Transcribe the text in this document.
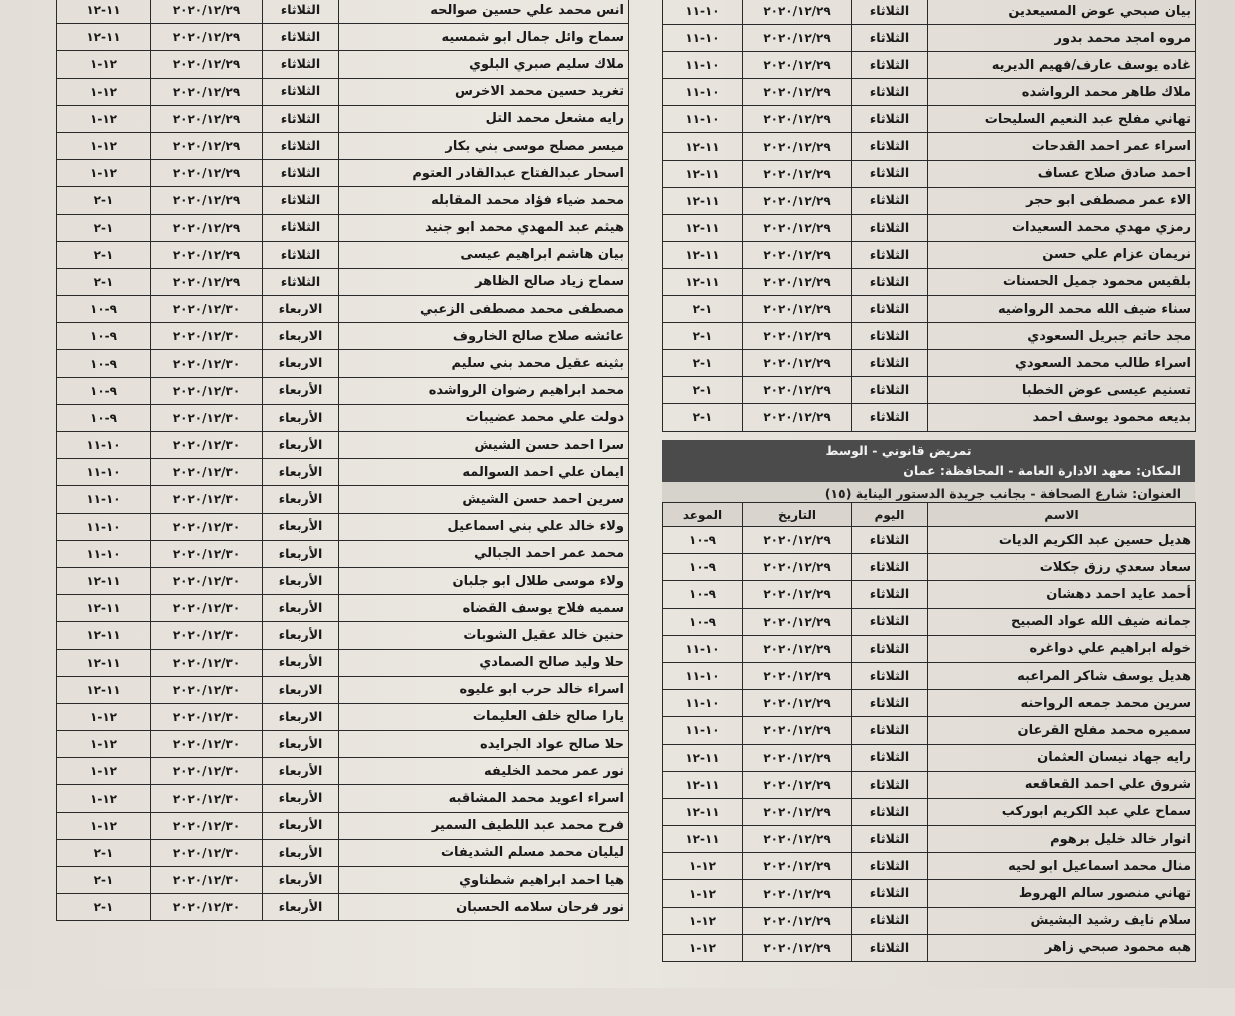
انس محمد علي حسين صوالحه	الثلاثاء	٢٠٢٠/١٢/٢٩	١١-١٢
سماح وائل جمال ابو شمسيه	الثلاثاء	٢٠٢٠/١٢/٢٩	١١-١٢
ملاك سليم صبري البلوي	الثلاثاء	٢٠٢٠/١٢/٢٩	١٢-١
تغريد حسين محمد الاخرس	الثلاثاء	٢٠٢٠/١٢/٢٩	١٢-١
رايه مشعل محمد التل	الثلاثاء	٢٠٢٠/١٢/٢٩	١٢-١
ميسر مصلح موسى بني بكار	الثلاثاء	٢٠٢٠/١٢/٢٩	١٢-١
اسحار عبدالفتاح عبدالقادر العتوم	الثلاثاء	٢٠٢٠/١٢/٢٩	١٢-١
محمد ضياء فؤاد محمد المقابله	الثلاثاء	٢٠٢٠/١٢/٢٩	١-٢
هيثم عبد المهدي محمد ابو جنيد	الثلاثاء	٢٠٢٠/١٢/٢٩	١-٢
بيان هاشم ابراهيم عيسى	الثلاثاء	٢٠٢٠/١٢/٢٩	١-٢
سماح زياد صالح الظاهر	الثلاثاء	٢٠٢٠/١٢/٢٩	١-٢
مصطفى محمد مصطفى الزعبي	الاربعاء	٢٠٢٠/١٢/٣٠	٩-١٠
عائشه صلاح صالح الخاروف	الاربعاء	٢٠٢٠/١٢/٣٠	٩-١٠
بثينه عقيل محمد بني سليم	الاربعاء	٢٠٢٠/١٢/٣٠	٩-١٠
محمد ابراهيم رضوان الرواشده	الأربعاء	٢٠٢٠/١٢/٣٠	٩-١٠
دولت علي محمد عضيبات	الأربعاء	٢٠٢٠/١٢/٣٠	٩-١٠
سرا احمد حسن الشيش	الأربعاء	٢٠٢٠/١٢/٣٠	١٠-١١
ايمان علي احمد السوالمه	الأربعاء	٢٠٢٠/١٢/٣٠	١٠-١١
سرين احمد حسن الشيش	الأربعاء	٢٠٢٠/١٢/٣٠	١٠-١١
ولاء خالد علي بني اسماعيل	الأربعاء	٢٠٢٠/١٢/٣٠	١٠-١١
محمد عمر احمد الجبالي	الأربعاء	٢٠٢٠/١٢/٣٠	١٠-١١
ولاء موسى طلال ابو جلبان	الأربعاء	٢٠٢٠/١٢/٣٠	١١-١٢
سميه فلاح يوسف القضاه	الأربعاء	٢٠٢٠/١٢/٣٠	١١-١٢
حنين خالد عقيل الشوبات	الأربعاء	٢٠٢٠/١٢/٣٠	١١-١٢
حلا وليد صالح الصمادي	الأربعاء	٢٠٢٠/١٢/٣٠	١١-١٢
اسراء خالد حرب ابو عليوه	الاربعاء	٢٠٢٠/١٢/٣٠	١١-١٢
يارا صالح خلف العليمات	الاربعاء	٢٠٢٠/١٢/٣٠	١٢-١
حلا صالح عواد الجرايده	الأربعاء	٢٠٢٠/١٢/٣٠	١٢-١
نور عمر محمد الخليفه	الأربعاء	٢٠٢٠/١٢/٣٠	١٢-١
اسراء اعويد محمد المشاقبه	الأربعاء	٢٠٢٠/١٢/٣٠	١٢-١
فرح محمد عبد اللطيف السمير	الأربعاء	٢٠٢٠/١٢/٣٠	١٢-١
ليليان محمد مسلم الشديفات	الأربعاء	٢٠٢٠/١٢/٣٠	١-٢
هيا احمد ابراهيم شطناوي	الأربعاء	٢٠٢٠/١٢/٣٠	١-٢
نور فرحان سلامه الحسبان	الأربعاء	٢٠٢٠/١٢/٣٠	١-٢
بيان صبحي عوض المسيعدين	الثلاثاء	٢٠٢٠/١٢/٢٩	١٠-١١
مروه امجد محمد بدور	الثلاثاء	٢٠٢٠/١٢/٢٩	١٠-١١
غاده يوسف عارف/فهيم الديريه	الثلاثاء	٢٠٢٠/١٢/٢٩	١٠-١١
ملاك طاهر محمد الرواشده	الثلاثاء	٢٠٢٠/١٢/٢٩	١٠-١١
تهاني مفلح عبد النعيم السليحات	الثلاثاء	٢٠٢٠/١٢/٢٩	١٠-١١
اسراء عمر احمد القدحات	الثلاثاء	٢٠٢٠/١٢/٢٩	١١-١٢
احمد صادق صلاح عساف	الثلاثاء	٢٠٢٠/١٢/٢٩	١١-١٢
الاء عمر مصطفى ابو حجر	الثلاثاء	٢٠٢٠/١٢/٢٩	١١-١٢
رمزي مهدي محمد السعيدات	الثلاثاء	٢٠٢٠/١٢/٢٩	١١-١٢
نريمان عزام علي حسن	الثلاثاء	٢٠٢٠/١٢/٢٩	١١-١٢
بلقيس محمود جميل الحسنات	الثلاثاء	٢٠٢٠/١٢/٢٩	١١-١٢
سناء ضيف الله محمد الرواضيه	الثلاثاء	٢٠٢٠/١٢/٢٩	١-٢
مجد حاتم جبريل السعودي	الثلاثاء	٢٠٢٠/١٢/٢٩	١-٢
اسراء طالب محمد السعودي	الثلاثاء	٢٠٢٠/١٢/٢٩	١-٢
تسنيم عيسى عوض الخطبا	الثلاثاء	٢٠٢٠/١٢/٢٩	١-٢
بديعه محمود يوسف احمد	الثلاثاء	٢٠٢٠/١٢/٢٩	١-٢
تمريض قانوني - الوسط
المكان: معهد الادارة العامة - المحافظة: عمان
العنوان: شارع الصحافة - بجانب جريدة الدستور اليناية (١٥)
الاسم	اليوم	التاريخ	الموعد
هديل حسين عبد الكريم الديات	الثلاثاء	٢٠٢٠/١٢/٢٩	٩-١٠
سعاد سعدي رزق جكلات	الثلاثاء	٢٠٢٠/١٢/٢٩	٩-١٠
أحمد عايد احمد دهشان	الثلاثاء	٢٠٢٠/١٢/٢٩	٩-١٠
جمانه ضيف الله عواد الصبيح	الثلاثاء	٢٠٢٠/١٢/٢٩	٩-١٠
خوله ابراهيم علي دواغره	الثلاثاء	٢٠٢٠/١٢/٢٩	١٠-١١
هديل يوسف شاكر المراعبه	الثلاثاء	٢٠٢٠/١٢/٢٩	١٠-١١
سرين محمد جمعه الرواحنه	الثلاثاء	٢٠٢٠/١٢/٢٩	١٠-١١
سميره محمد مفلح القرعان	الثلاثاء	٢٠٢٠/١٢/٢٩	١٠-١١
رايه جهاد نيسان العثمان	الثلاثاء	٢٠٢٠/١٢/٢٩	١١-١٢
شروق علي احمد القعاقعه	الثلاثاء	٢٠٢٠/١٢/٢٩	١١-١٢
سماح علي عبد الكريم ابوركب	الثلاثاء	٢٠٢٠/١٢/٢٩	١١-١٢
انوار خالد خليل برهوم	الثلاثاء	٢٠٢٠/١٢/٢٩	١١-١٢
منال محمد اسماعيل ابو لحيه	الثلاثاء	٢٠٢٠/١٢/٢٩	١٢-١
تهاني منصور سالم الهروط	الثلاثاء	٢٠٢٠/١٢/٢٩	١٢-١
سلام نايف رشيد البشيش	الثلاثاء	٢٠٢٠/١٢/٢٩	١٢-١
هبه محمود صبحي زاهر	الثلاثاء	٢٠٢٠/١٢/٢٩	١٢-١
